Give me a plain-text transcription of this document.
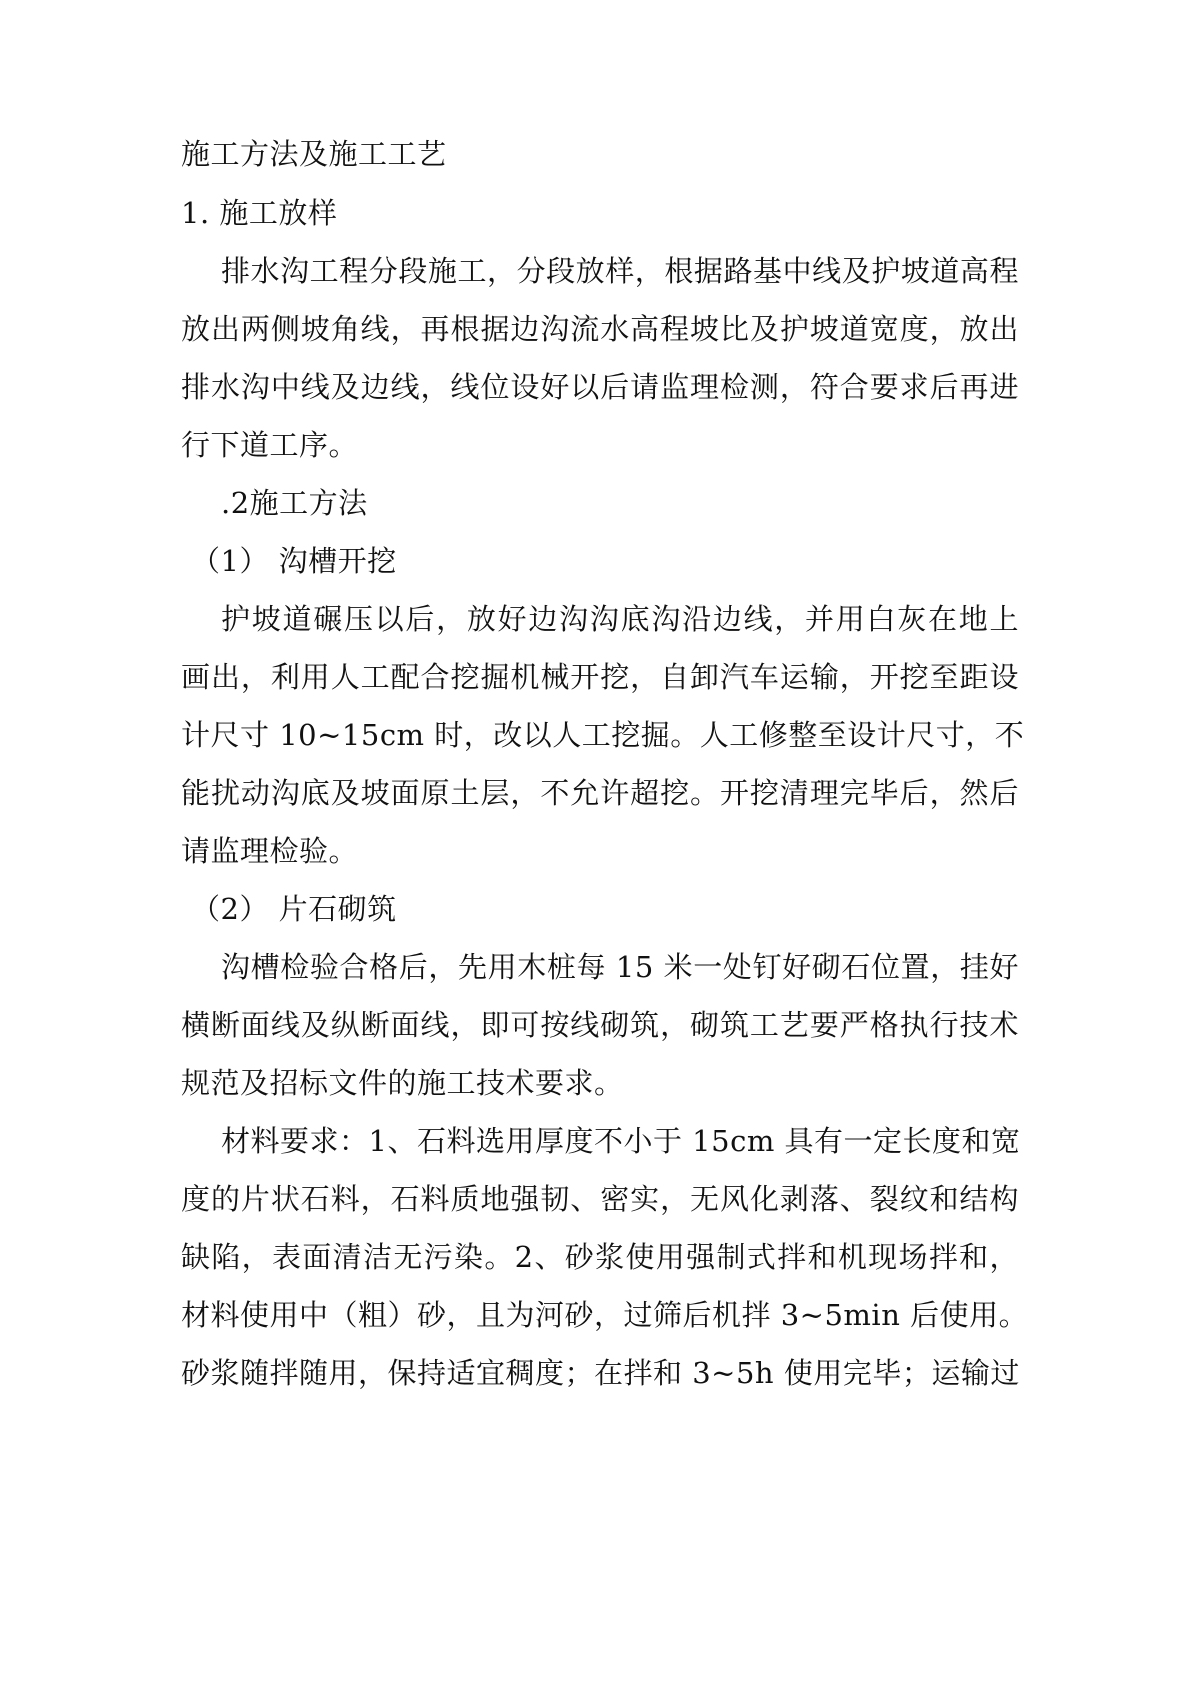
施工方法及施工工艺
1. 施工放样
排水沟工程分段施工，分段放样，根据路基中线及护坡道高程
放出两侧坡角线，再根据边沟流水高程坡比及护坡道宽度，放出
排水沟中线及边线，线位设好以后请监理检测，符合要求后再进
行下道工序。
.2施工方法
（1） 沟槽开挖
护坡道碾压以后，放好边沟沟底沟沿边线，并用白灰在地上
画出，利用人工配合挖掘机械开挖，自卸汽车运输，开挖至距设
计尺寸 10~15cm 时，改以人工挖掘。人工修整至设计尺寸，不
能扰动沟底及坡面原土层，不允许超挖。开挖清理完毕后，然后
请监理检验。
（2） 片石砌筑
沟槽检验合格后，先用木桩每 15 米一处钉好砌石位置，挂好
横断面线及纵断面线，即可按线砌筑，砌筑工艺要严格执行技术
规范及招标文件的施工技术要求。
材料要求：1、石料选用厚度不小于 15cm 具有一定长度和宽
度的片状石料，石料质地强韧、密实，无风化剥落、裂纹和结构
缺陷，表面清洁无污染。2、砂浆使用强制式拌和机现场拌和，
材料使用中（粗）砂，且为河砂，过筛后机拌 3~5min 后使用。
砂浆随拌随用，保持适宜稠度；在拌和 3~5h 使用完毕；运输过
